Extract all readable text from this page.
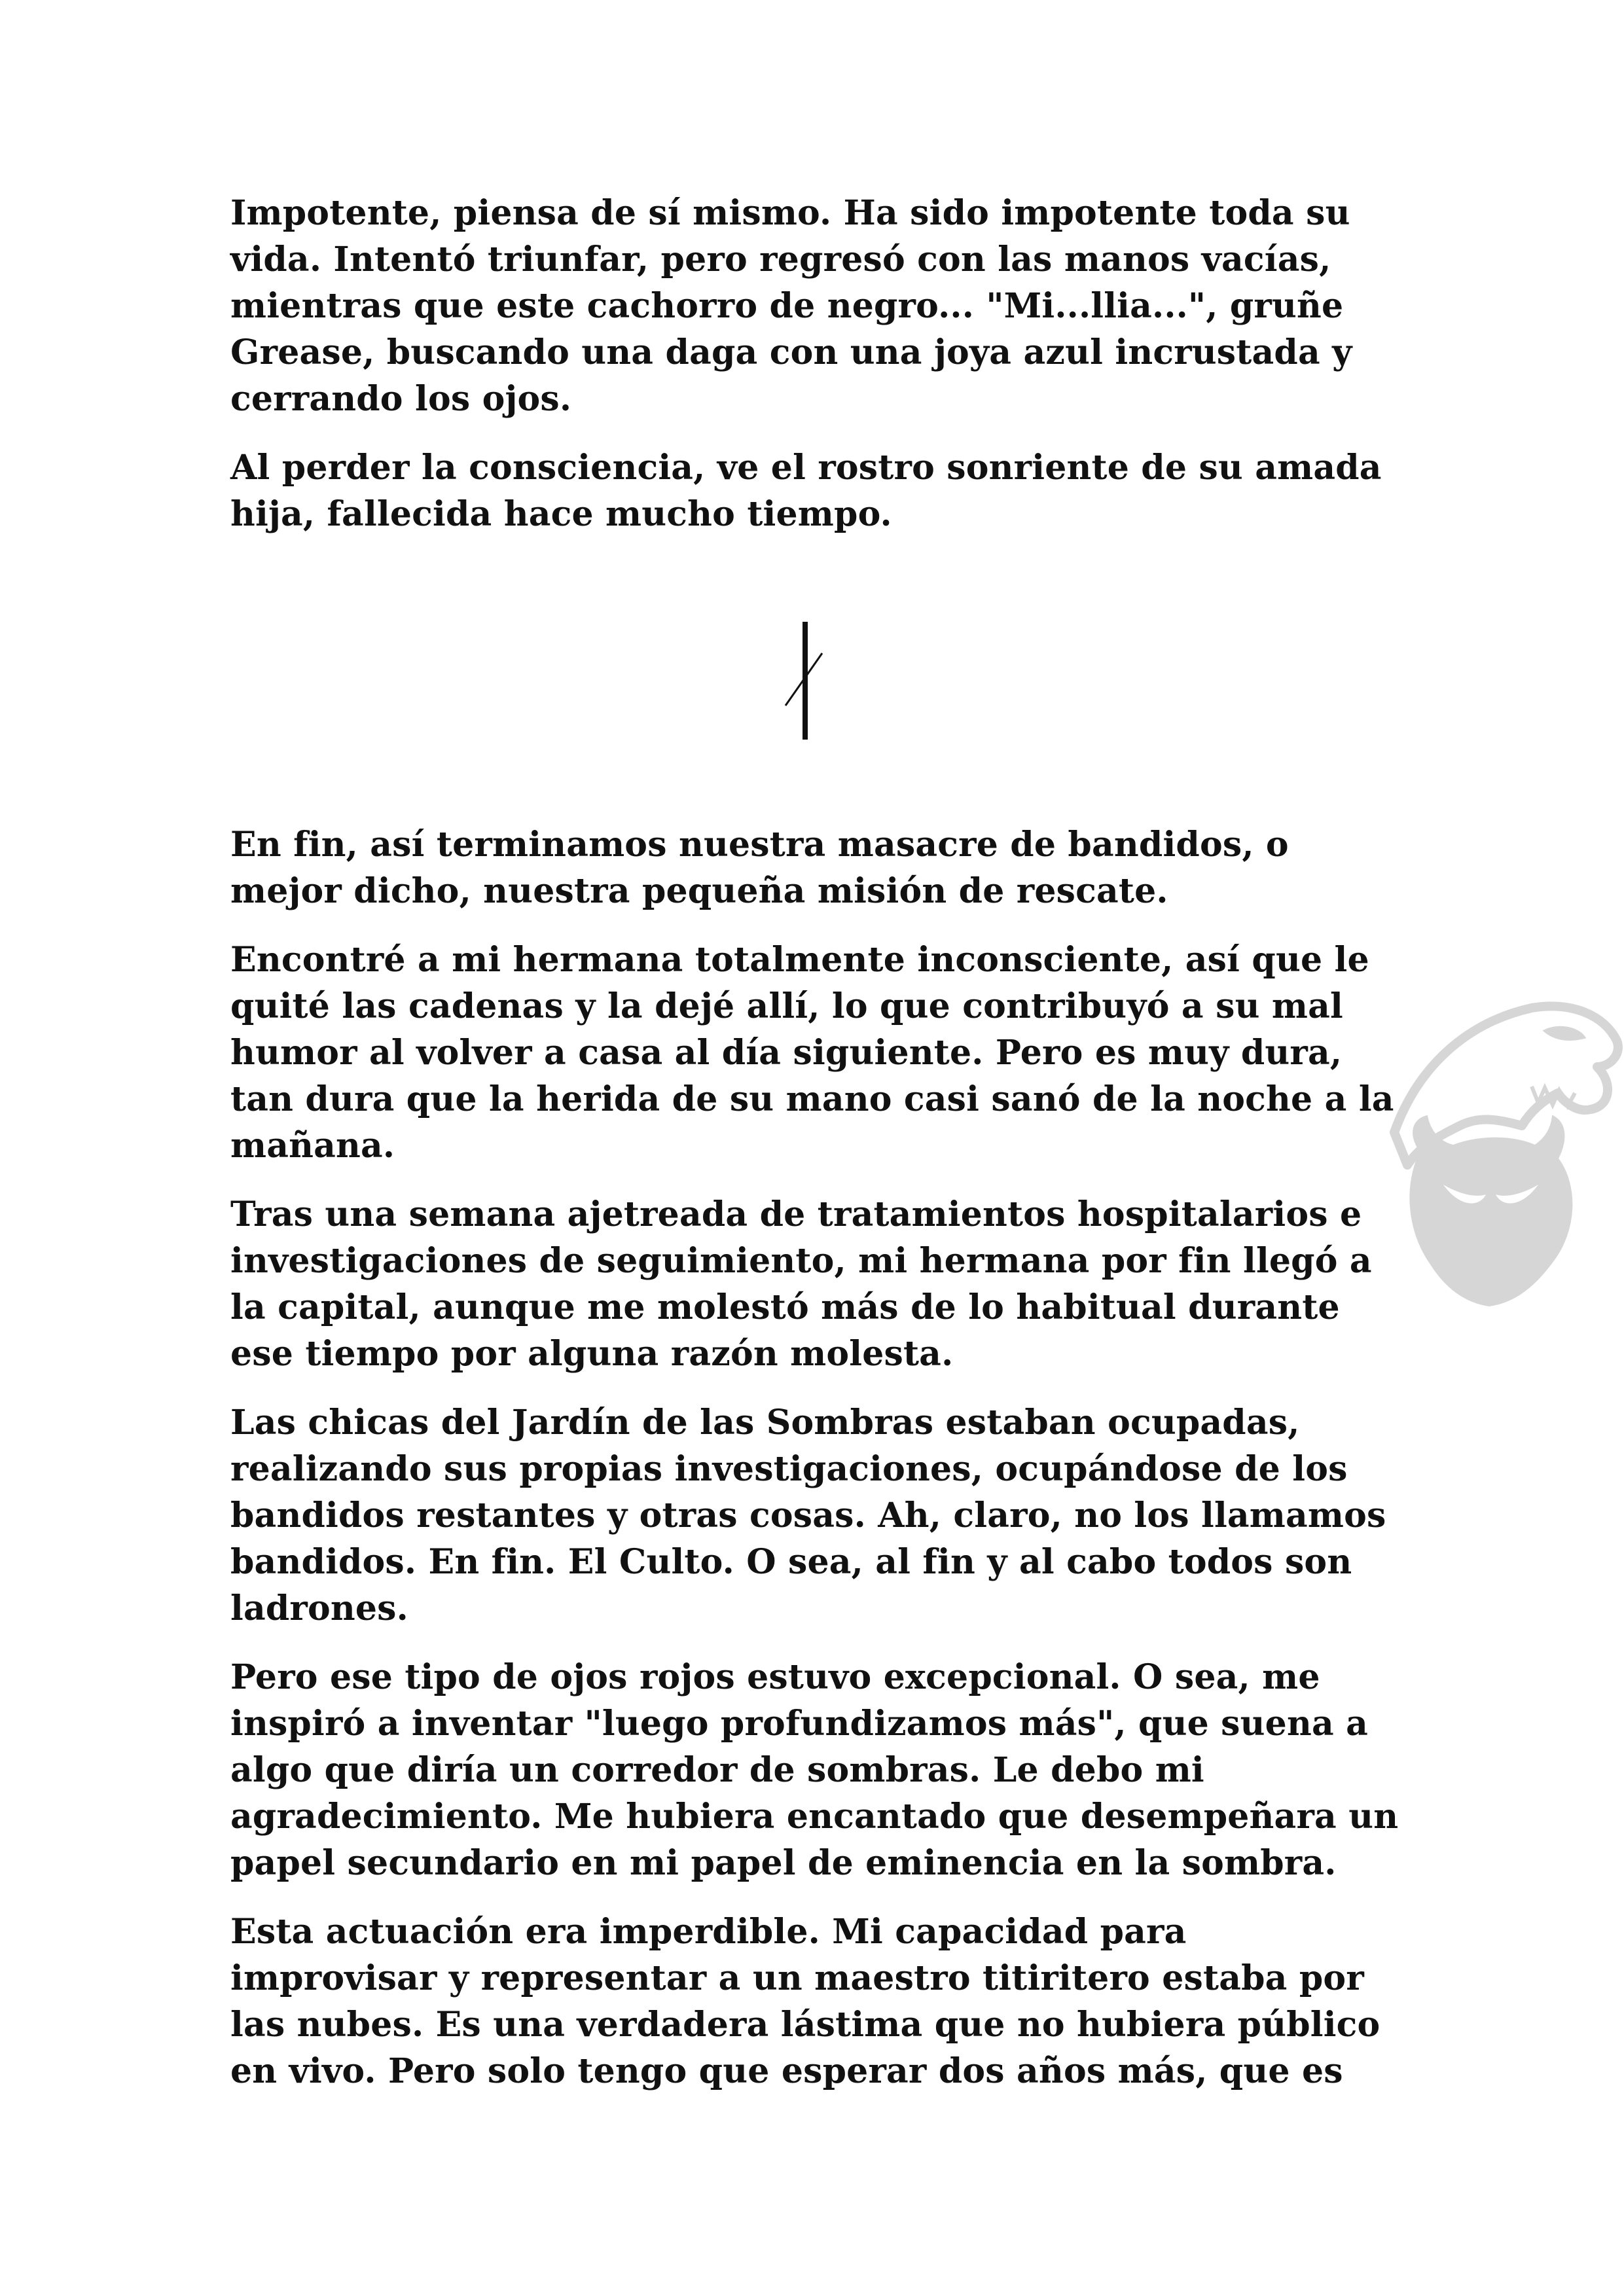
Impotente, piensa de sí mismo. Ha sido impotente toda su
vida. Intentó triunfar, pero regresó con las manos vacías,
mientras que este cachorro de negro... "Mi...llia...", gruñe
Grease, buscando una daga con una joya azul incrustada y
cerrando los ojos.

Al perder la consciencia, ve el rostro sonriente de su amada
hija, fallecida hace mucho tiempo.

En fin, así terminamos nuestra masacre de bandidos, o
mejor dicho, nuestra pequeña misión de rescate.

Encontré a mi hermana totalmente inconsciente, así que le
quité las cadenas y la dejé allí, lo que contribuyó a su mal
humor al volver a casa al día siguiente. Pero es muy dura,
tan dura que la herida de su mano casi sanó de la noche a la
mañana.

Tras una semana ajetreada de tratamientos hospitalarios e
investigaciones de seguimiento, mi hermana por fin llegó a
la capital, aunque me molestó más de lo habitual durante
ese tiempo por alguna razón molesta.

Las chicas del Jardín de las Sombras estaban ocupadas,
realizando sus propias investigaciones, ocupándose de los
bandidos restantes y otras cosas. Ah, claro, no los llamamos
bandidos. En fin. El Culto. O sea, al fin y al cabo todos son
ladrones.

Pero ese tipo de ojos rojos estuvo excepcional. O sea, me
inspiró a inventar "luego profundizamos más", que suena a
algo que diría un corredor de sombras. Le debo mi
agradecimiento. Me hubiera encantado que desempeñara un
papel secundario en mi papel de eminencia en la sombra.

Esta actuación era imperdible. Mi capacidad para
improvisar y representar a un maestro titiritero estaba por
las nubes. Es una verdadera lástima que no hubiera público
en vivo. Pero solo tengo que esperar dos años más, que es
